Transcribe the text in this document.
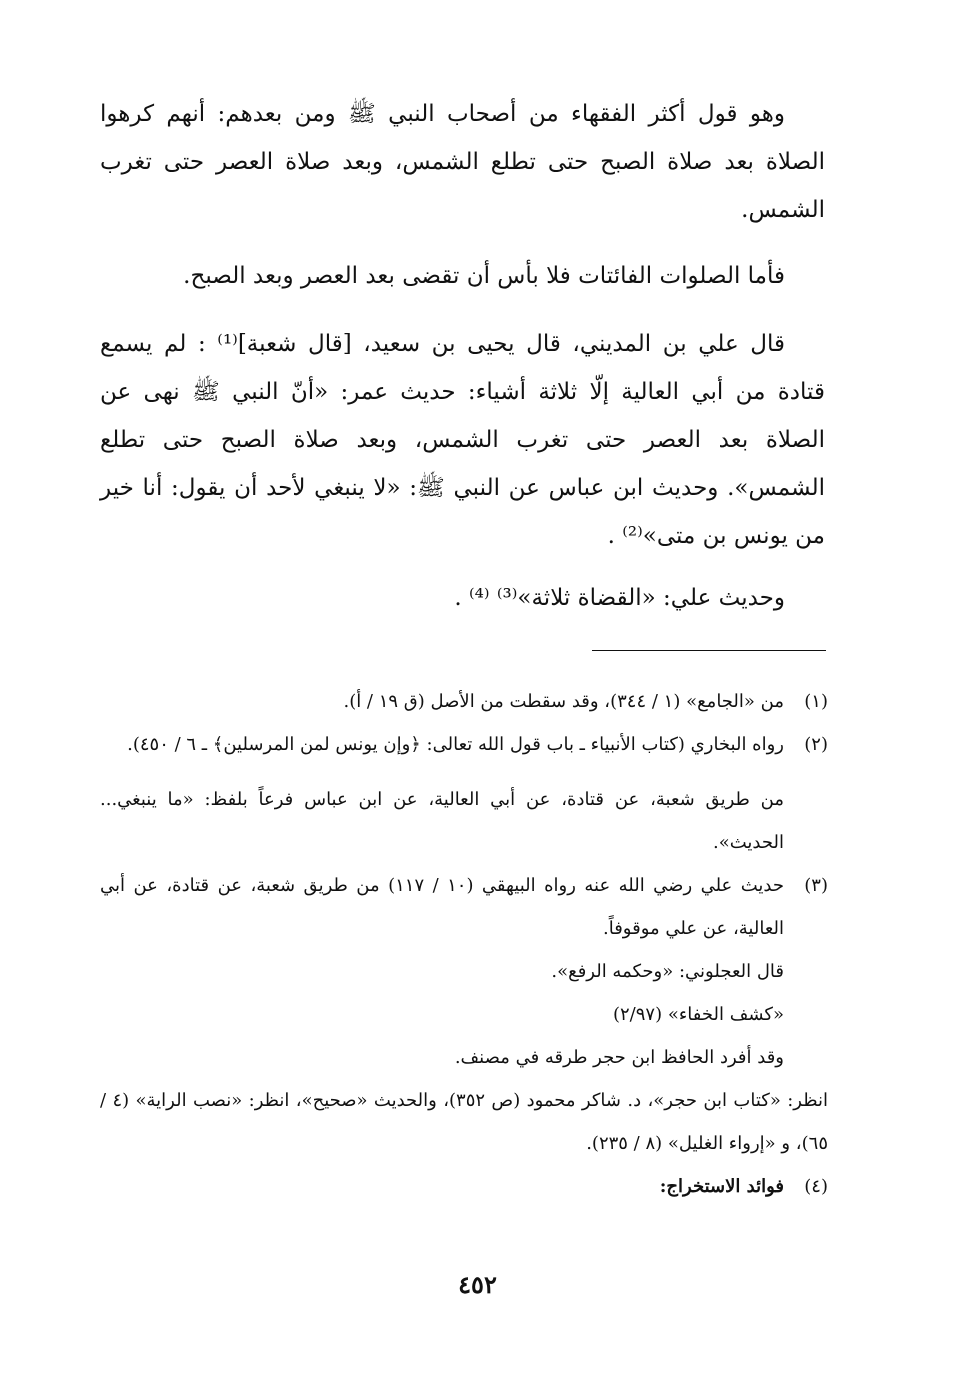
وهو قول أكثر الفقهاء من أصحاب النبي ﷺ ومن بعدهم: أنهم كرهوا الصلاة بعد صلاة الصبح حتى تطلع الشمس، وبعد صلاة العصر حتى تغرب الشمس.

فأما الصلوات الفائتات فلا بأس أن تقضى بعد العصر وبعد الصبح.

قال علي بن المديني، قال يحيى بن سعيد، [قال شعبة]⁽¹⁾ : لم يسمع قتادة من أبي العالية إلّا ثلاثة أشياء: حديث عمر: «أنّ النبي ﷺ نهى عن الصلاة بعد العصر حتى تغرب الشمس، وبعد صلاة الصبح حتى تطلع الشمس». وحديث ابن عباس عن النبي ﷺ: «لا ينبغي لأحد أن يقول: أنا خير من يونس بن متى»⁽²⁾ .

وحديث علي: «القضاة ثلاثة»⁽³⁾ ⁽⁴⁾ .

(١)
من «الجامع» (١ / ٣٤٤)، وقد سقطت من الأصل (ق ١٩ / أ).
(٢)
رواه البخاري (كتاب الأنبياء ـ باب قول الله تعالى: ﴿وإن يونس لمن المرسلين﴾ ـ ٦ / ٤٥٠).

من طريق شعبة، عن قتادة، عن أبي العالية، عن ابن عباس فرعاً بلفظ: «ما ينبغي... الحديث».

(٣)
حديث علي رضي الله عنه رواه البيهقي (١٠ / ١١٧) من طريق شعبة، عن قتادة، عن أبي العالية، عن علي موقوفاً.

قال العجلوني: «وحكمه الرفع».

«كشف الخفاء» (٢/٩٧)

وقد أفرد الحافظ ابن حجر طرقه في مصنف.

انظر: «كتاب ابن حجر»، د. شاكر محمود (ص ٣٥٢)، والحديث «صحيح»، انظر: «نصب الراية» (٤ / ٦٥)، و «إرواء الغليل» (٨ / ٢٣٥).

(٤)
فوائد الاستخراج:
٤٥٢
